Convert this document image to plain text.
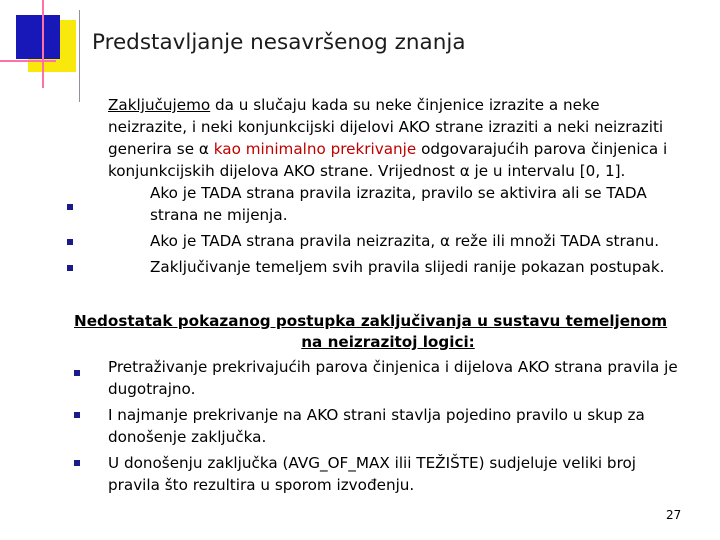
Predstavljanje nesavršenog znanja
Zaključujemo da u slučaju kada su neke činjenice izrazite a neke
neizrazite, i neki konjunkcijski dijelovi AKO strane izraziti a neki neizraziti
generira se α kao minimalno prekrivanje odgovarajućih parova činjenica i
konjunkcijskih dijelova AKO strane. Vrijednost α je u intervalu [0, 1].
Ako je TADA strana pravila izrazita, pravilo se aktivira ali se TADA
strana ne mijenja.
Ako je TADA strana pravila neizrazita, α reže ili množi TADA stranu.
Zaključivanje temeljem svih pravila slijedi ranije pokazan postupak.
Nedostatak pokazanog postupka zaključivanja u sustavu temeljenom
na neizrazitoj logici:
Pretraživanje prekrivajućih parova činjenica i dijelova AKO strana pravila je
dugotrajno.
I najmanje prekrivanje na AKO strani stavlja pojedino pravilo u skup za
donošenje zaključka.
U donošenju zaključka (AVG_OF_MAX ilii TEŽIŠTE) sudjeluje veliki broj
pravila što rezultira u sporom izvođenju.
27
